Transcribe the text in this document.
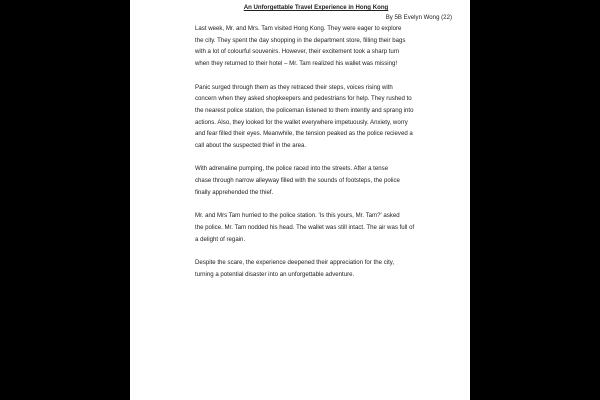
An Unforgettable Travel Experience in Hong Kong

By 5B Evelyn Wong (22)

Last week, Mr. and Mrs. Tam visited Hong Kong. They were eager to explore
the city. They spent the day shopping in the department store, filling their bags
with a lot of colourful souvenirs. However, their excitement took a sharp turn
when they returned to their hotel – Mr. Tam realized his wallet was missing!

Panic surged through them as they retraced their steps, voices rising with
concern when they asked shopkeepers and pedestrians for help. They rushed to
the nearest police station, the policeman listened to them intently and sprang into
actions. Also, they looked for the wallet everywhere impetuously. Anxiety, worry
and fear filled their eyes. Meanwhile, the tension peaked as the police recieved a
call about the suspected thief in the area.

With adrenaline pumping, the police raced into the streets. After a tense
chase through narrow alleyway filled with the sounds of footsteps, the police
finally apprehended the thief.

Mr. and Mrs Tam hurried to the police station. 'Is this yours, Mr. Tam?' asked
the police. Mr. Tam nodded his head. The wallet was still intact. The air was full of
a delight of regain.

Despite the scare, the experience deepened their appreciation for the city,
turning a potential disaster into an unforgettable adventure.
